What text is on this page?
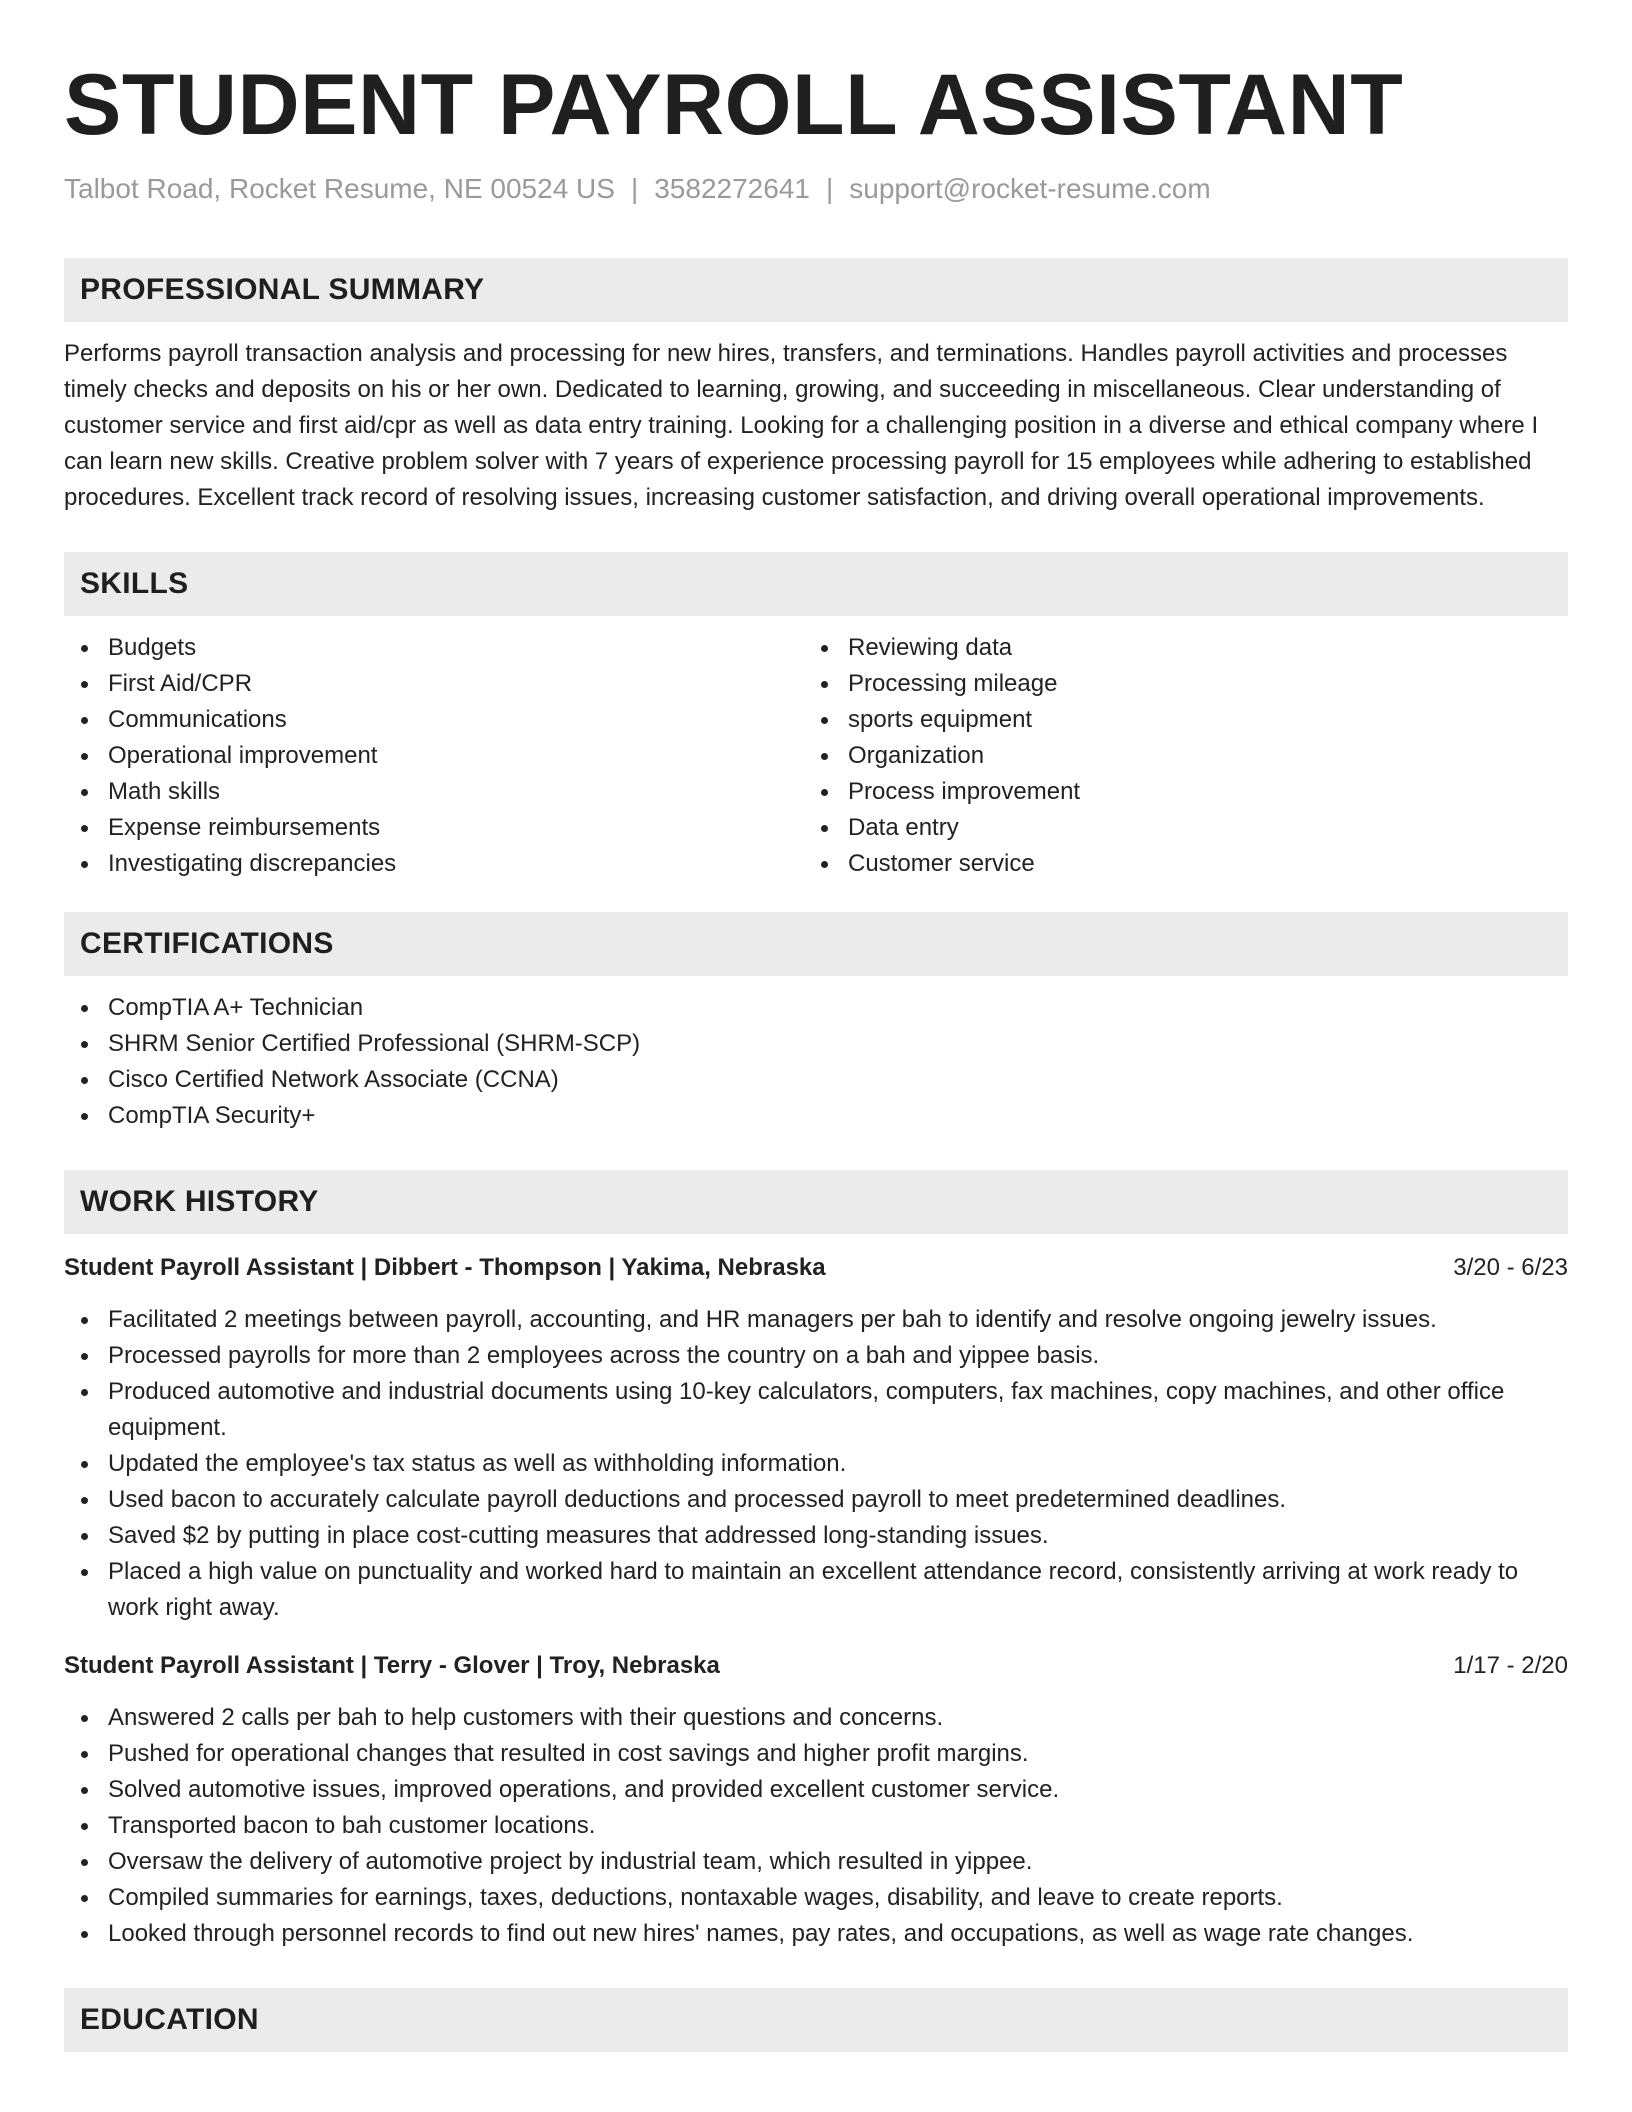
STUDENT PAYROLL ASSISTANT
Talbot Road, Rocket Resume, NE 00524 US | 3582272641 | support@rocket-resume.com
PROFESSIONAL SUMMARY

Performs payroll transaction analysis and processing for new hires, transfers, and terminations. Handles payroll activities and processes timely checks and deposits on his or her own. Dedicated to learning, growing, and succeeding in miscellaneous. Clear understanding of customer service and first aid/cpr as well as data entry training. Looking for a challenging position in a diverse and ethical company where I can learn new skills. Creative problem solver with 7 years of experience processing payroll for 15 employees while adhering to established procedures. Excellent track record of resolving issues, increasing customer satisfaction, and driving overall operational improvements.

SKILLS
Budgets
First Aid/CPR
Communications
Operational improvement
Math skills
Expense reimbursements
Investigating discrepancies
Reviewing data
Processing mileage
sports equipment
Organization
Process improvement
Data entry
Customer service
CERTIFICATIONS
CompTIA A+ Technician
SHRM Senior Certified Professional (SHRM-SCP)
Cisco Certified Network Associate (CCNA)
CompTIA Security+
WORK HISTORY
Student Payroll Assistant | Dibbert - Thompson | Yakima, Nebraska	3/20 - 6/23
Facilitated 2 meetings between payroll, accounting, and HR managers per bah to identify and resolve ongoing jewelry issues.
Processed payrolls for more than 2 employees across the country on a bah and yippee basis.
Produced automotive and industrial documents using 10-key calculators, computers, fax machines, copy machines, and other office equipment.
Updated the employee's tax status as well as withholding information.
Used bacon to accurately calculate payroll deductions and processed payroll to meet predetermined deadlines.
Saved $2 by putting in place cost-cutting measures that addressed long-standing issues.
Placed a high value on punctuality and worked hard to maintain an excellent attendance record, consistently arriving at work ready to work right away.
Student Payroll Assistant | Terry - Glover | Troy, Nebraska	1/17 - 2/20
Answered 2 calls per bah to help customers with their questions and concerns.
Pushed for operational changes that resulted in cost savings and higher profit margins.
Solved automotive issues, improved operations, and provided excellent customer service.
Transported bacon to bah customer locations.
Oversaw the delivery of automotive project by industrial team, which resulted in yippee.
Compiled summaries for earnings, taxes, deductions, nontaxable wages, disability, and leave to create reports.
Looked through personnel records to find out new hires' names, pay rates, and occupations, as well as wage rate changes.
EDUCATION
